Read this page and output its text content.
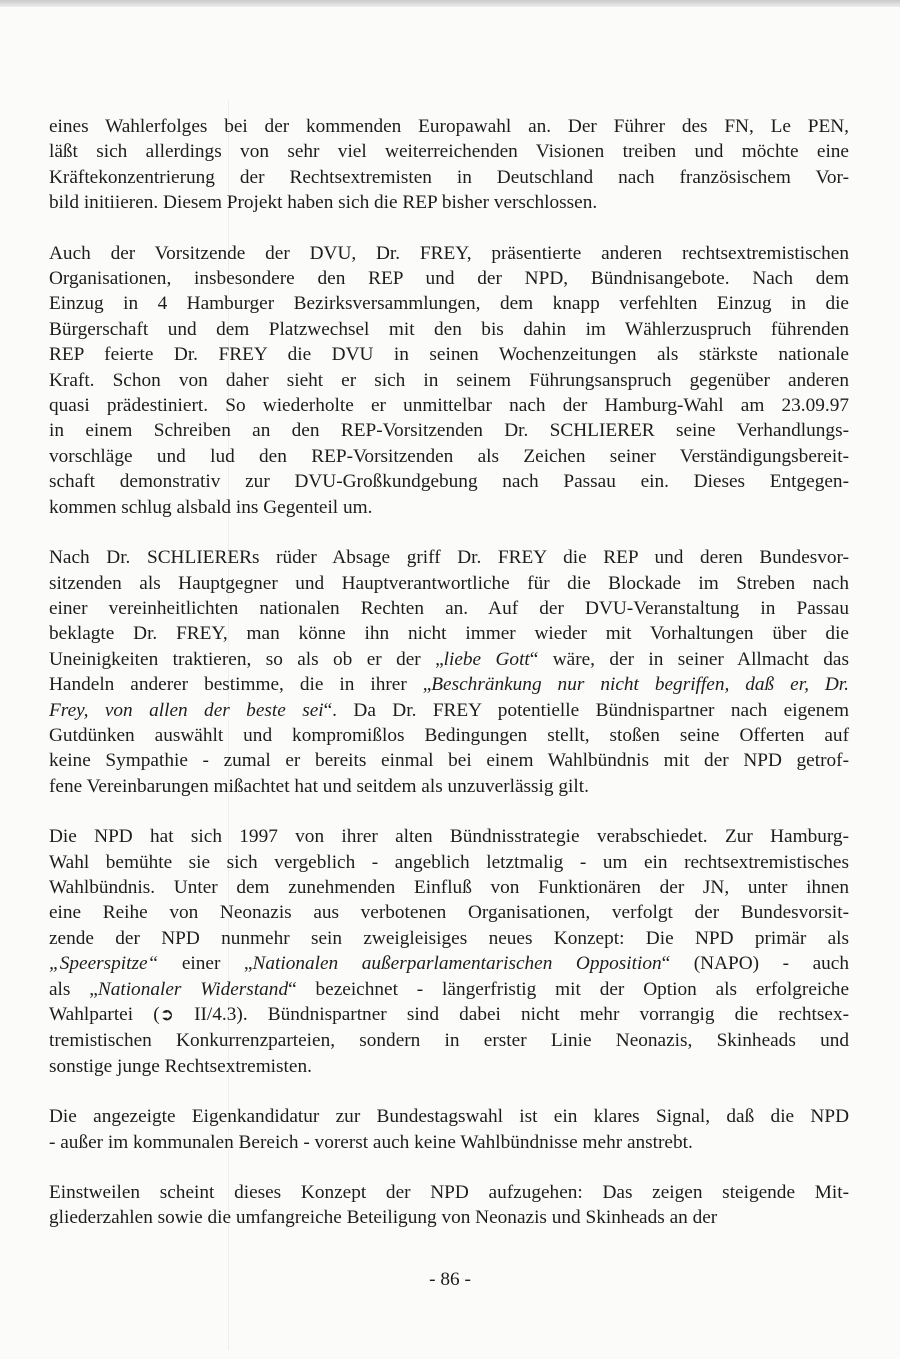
eines Wahlerfolges bei der kommenden Europawahl an. Der Führer des FN, Le PEN,
läßt sich allerdings von sehr viel weiterreichenden Visionen treiben und möchte eine
Kräftekonzentrierung der Rechtsextremisten in Deutschland nach französischem Vor-
bild initiieren. Diesem Projekt haben sich die REP bisher verschlossen.
Auch der Vorsitzende der DVU, Dr. FREY, präsentierte anderen rechtsextremistischen
Organisationen, insbesondere den REP und der NPD, Bündnisangebote. Nach dem
Einzug in 4 Hamburger Bezirksversammlungen, dem knapp verfehlten Einzug in die
Bürgerschaft und dem Platzwechsel mit den bis dahin im Wählerzuspruch führenden
REP feierte Dr. FREY die DVU in seinen Wochenzeitungen als stärkste nationale
Kraft. Schon von daher sieht er sich in seinem Führungsanspruch gegenüber anderen
quasi prädestiniert. So wiederholte er unmittelbar nach der Hamburg-Wahl am 23.09.97
in einem Schreiben an den REP-Vorsitzenden Dr. SCHLIERER seine Verhandlungs-
vorschläge und lud den REP-Vorsitzenden als Zeichen seiner Verständigungsbereit-
schaft demonstrativ zur DVU-Großkundgebung nach Passau ein. Dieses Entgegen-
kommen schlug alsbald ins Gegenteil um.
Nach Dr. SCHLIERERs rüder Absage griff Dr. FREY die REP und deren Bundesvor-
sitzenden als Hauptgegner und Hauptverantwortliche für die Blockade im Streben nach
einer vereinheitlichten nationalen Rechten an. Auf der DVU-Veranstaltung in Passau
beklagte Dr. FREY, man könne ihn nicht immer wieder mit Vorhaltungen über die
Uneinigkeiten traktieren, so als ob er der „liebe Gott“ wäre, der in seiner Allmacht das
Handeln anderer bestimme, die in ihrer „Beschränkung nur nicht begriffen, daß er, Dr.
Frey, von allen der beste sei“. Da Dr. FREY potentielle Bündnispartner nach eigenem
Gutdünken auswählt und kompromißlos Bedingungen stellt, stoßen seine Offerten auf
keine Sympathie - zumal er bereits einmal bei einem Wahlbündnis mit der NPD getrof-
fene Vereinbarungen mißachtet hat und seitdem als unzuverlässig gilt.
Die NPD hat sich 1997 von ihrer alten Bündnisstrategie verabschiedet. Zur Hamburg-
Wahl bemühte sie sich vergeblich - angeblich letztmalig - um ein rechtsextremistisches
Wahlbündnis. Unter dem zunehmenden Einfluß von Funktionären der JN, unter ihnen
eine Reihe von Neonazis aus verbotenen Organisationen, verfolgt der Bundesvorsit-
zende der NPD nunmehr sein zweigleisiges neues Konzept: Die NPD primär als
„Speerspitze“ einer „Nationalen außerparlamentarischen Opposition“ (NAPO) - auch
als „Nationaler Widerstand“ bezeichnet - längerfristig mit der Option als erfolgreiche
Wahlpartei (➲ II/4.3). Bündnispartner sind dabei nicht mehr vorrangig die rechtsex-
tremistischen Konkurrenzparteien, sondern in erster Linie Neonazis, Skinheads und
sonstige junge Rechtsextremisten.
Die angezeigte Eigenkandidatur zur Bundestagswahl ist ein klares Signal, daß die NPD
- außer im kommunalen Bereich - vorerst auch keine Wahlbündnisse mehr anstrebt.
Einstweilen scheint dieses Konzept der NPD aufzugehen: Das zeigen steigende Mit-
gliederzahlen sowie die umfangreiche Beteiligung von Neonazis und Skinheads an der
- 86 -
